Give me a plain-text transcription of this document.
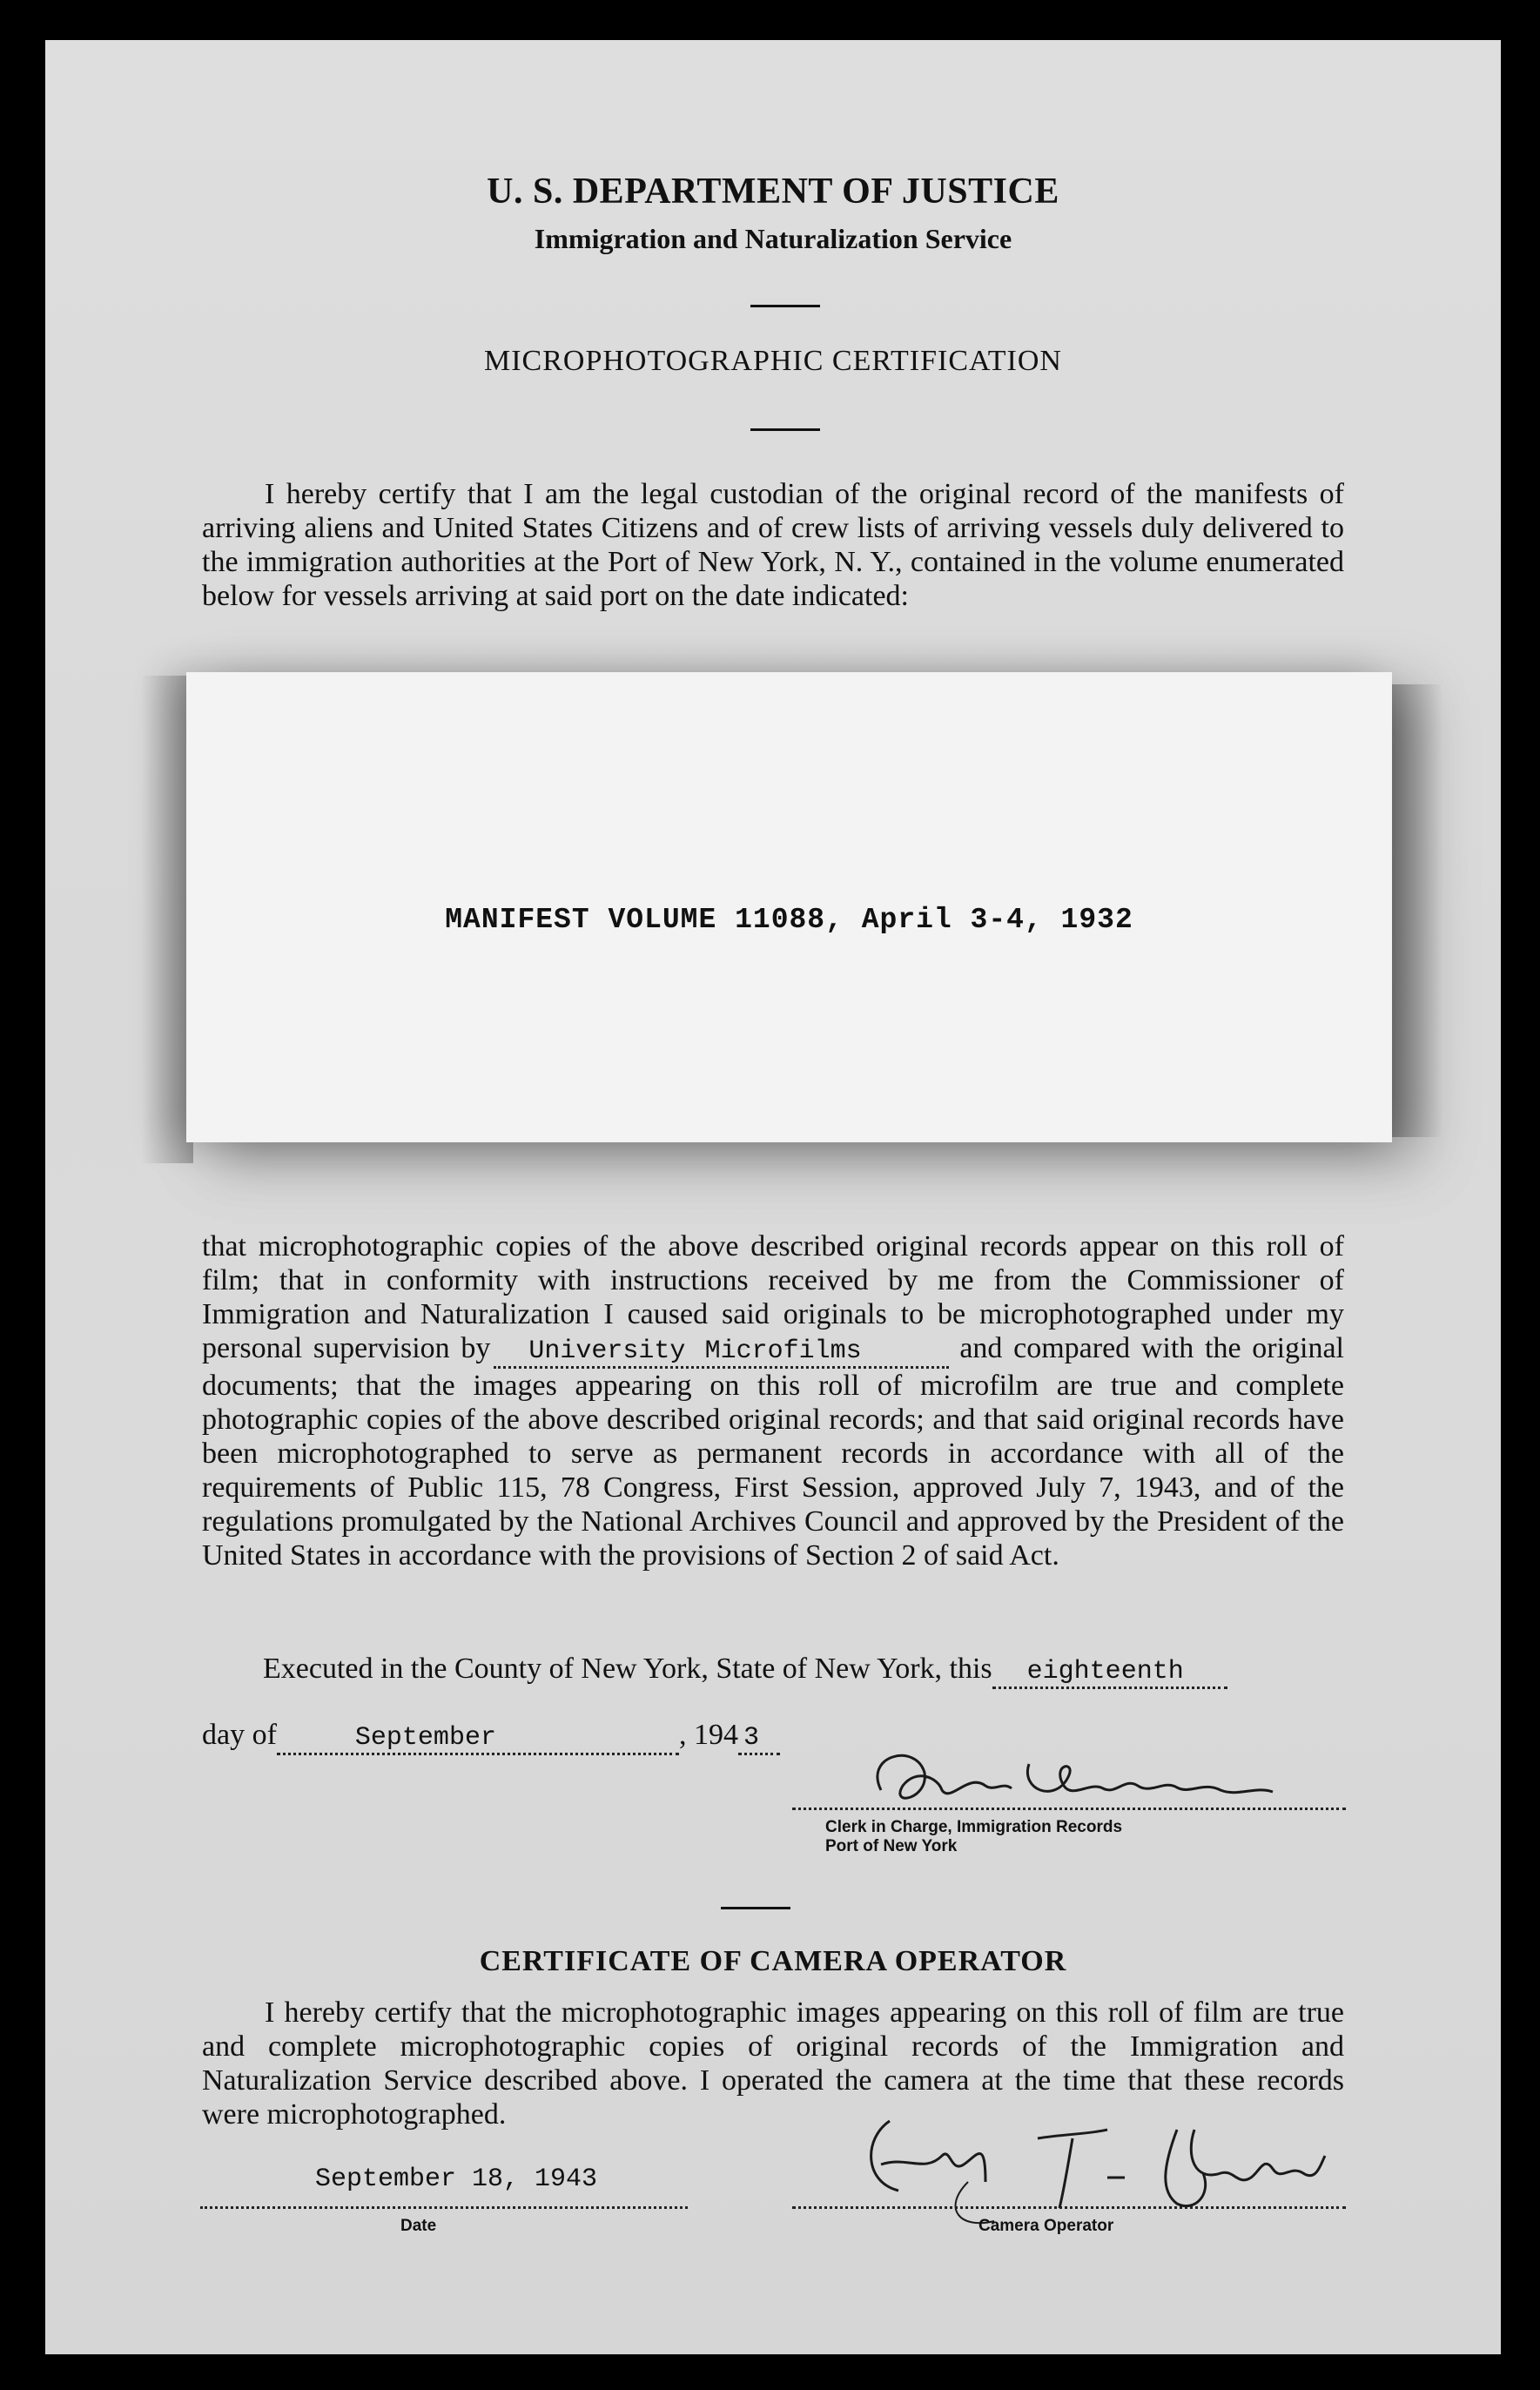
U. S. DEPARTMENT OF JUSTICE
Immigration and Naturalization Service
MICROPHOTOGRAPHIC CERTIFICATION
I hereby certify that I am the legal custodian of the original record of the manifests of arriving aliens and United States Citizens and of crew lists of arriving vessels duly delivered to the immigration authorities at the Port of New York, N. Y., contained in the volume enumerated below for vessels arriving at said port on the date indicated:
MANIFEST VOLUME 11088, April 3-4, 1932
that microphotographic copies of the above described original records appear on this roll of film; that in conformity with instructions received by me from the Commissioner of Immigration and Naturalization I caused said originals to be microphotographed under my personal supervision by University Microfilms	and compared with the original documents; that the images appearing on this roll of microfilm are true and complete photographic copies of the above described original records; and that said original records have been microphotographed to serve as permanent records in accordance with all of the requirements of Public 115, 78 Congress, First Session, approved July 7, 1943, and of the regulations promulgated by the National Archives Council and approved by the President of the United States in accordance with the provisions of Section 2 of said Act.
Executed in the County of New York, State of New York, this eighteenth
day of	September	, 194 3
Clerk in Charge, Immigration Records
Port of New York
CERTIFICATE OF CAMERA OPERATOR
I hereby certify that the microphotographic images appearing on this roll of film are true and complete microphotographic copies of original records of the Immigration and Naturalization Service described above. I operated the camera at the time that these records were microphotographed.
September 18, 1943
Date	Camera Operator
